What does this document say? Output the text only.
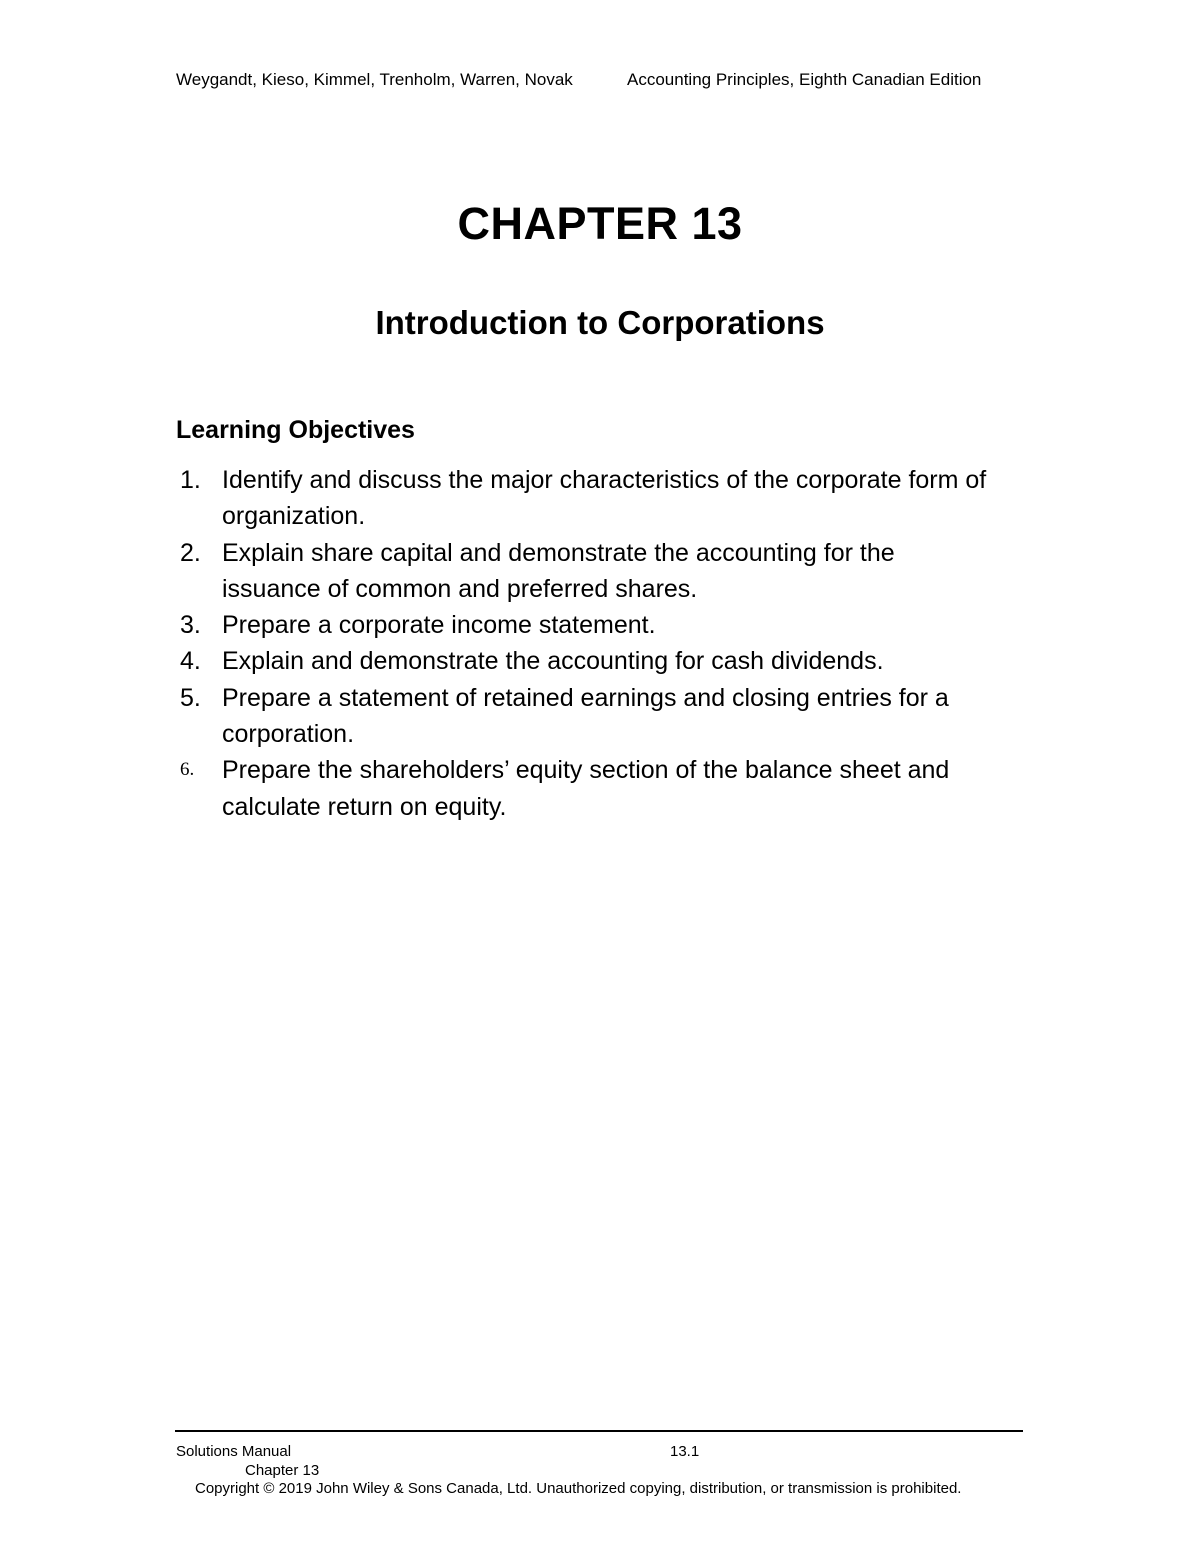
Weygandt, Kieso, Kimmel, Trenholm, Warren, Novak	Accounting Principles, Eighth Canadian Edition
CHAPTER 13
Introduction to Corporations
Learning Objectives
1. Identify and discuss the major characteristics of the corporate form of organization.
2. Explain share capital and demonstrate the accounting for the issuance of common and preferred shares.
3. Prepare a corporate income statement.
4. Explain and demonstrate the accounting for cash dividends.
5. Prepare a statement of retained earnings and closing entries for a corporation.
6. Prepare the shareholders’ equity section of the balance sheet and calculate return on equity.
Solutions Manual	13.1
Chapter 13
Copyright © 2019 John Wiley & Sons Canada, Ltd. Unauthorized copying, distribution, or transmission is prohibited.
